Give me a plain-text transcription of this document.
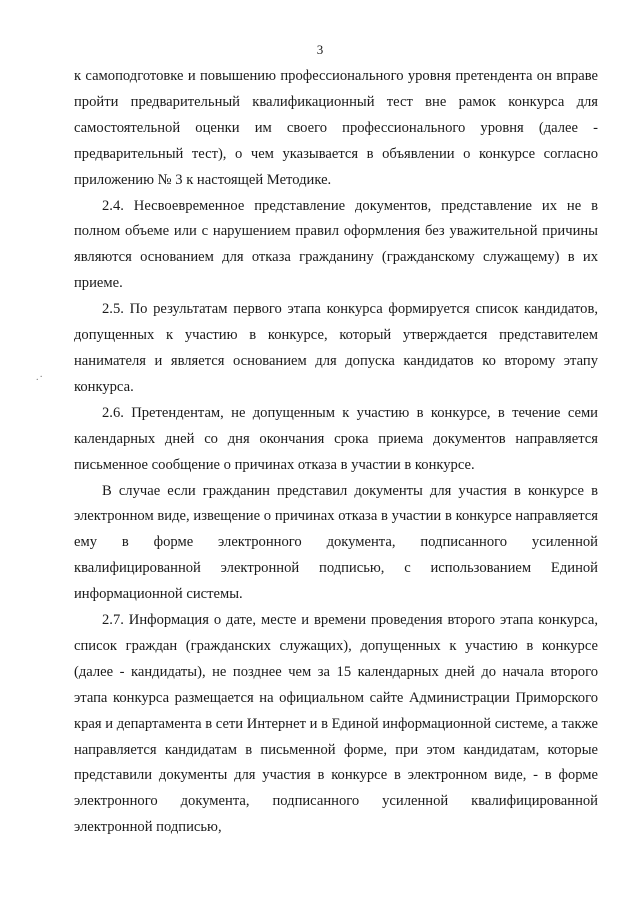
3
.·

к самоподготовке и повышению профессионального уровня претендента он вправе пройти предварительный квалификационный тест вне рамок конкурса для самостоятельной оценки им своего профессионального уровня (далее - предварительный тест), о чем указывается в объявлении о конкурсе согласно приложению № 3 к настоящей Методике.

2.4. Несвоевременное представление документов, представление их не в полном объеме или с нарушением правил оформления без уважительной причины являются основанием для отказа гражданину (гражданскому служащему) в их приеме.

2.5. По результатам первого этапа конкурса формируется список кандидатов, допущенных к участию в конкурсе, который утверждается представителем нанимателя и является основанием для допуска кандидатов ко второму этапу конкурса.

2.6. Претендентам, не допущенным к участию в конкурсе, в течение семи календарных дней со дня окончания срока приема документов направляется письменное сообщение о причинах отказа в участии в конкурсе.

В случае если гражданин представил документы для участия в конкурсе в электронном виде, извещение о причинах отказа в участии в конкурсе направляется ему в форме электронного документа, подписанного усиленной квалифицированной электронной подписью, с использованием Единой информационной системы.

2.7. Информация о дате, месте и времени проведения второго этапа конкурса, список граждан (гражданских служащих), допущенных к участию в конкурсе (далее - кандидаты), не позднее чем за 15 календарных дней до начала второго этапа конкурса размещается на официальном сайте Администрации Приморского края и департамента в сети Интернет и в Единой информационной системе, а также направляется кандидатам в письменной форме, при этом кандидатам, которые представили документы для участия в конкурсе в электронном виде, - в форме электронного документа, подписанного усиленной квалифицированной электронной подписью,
